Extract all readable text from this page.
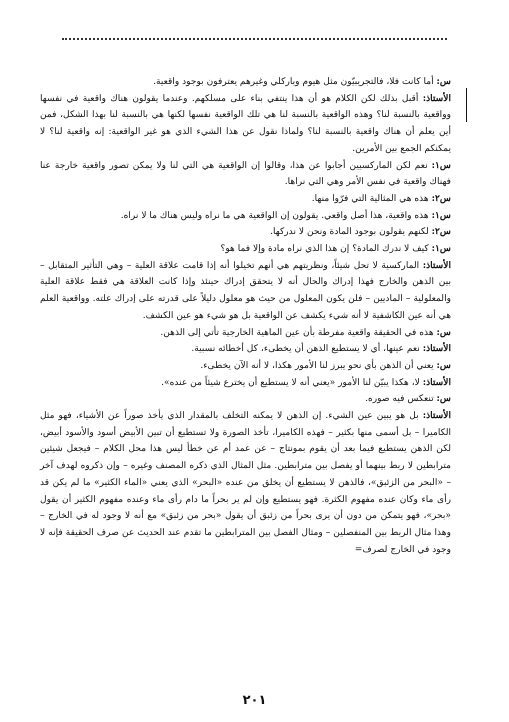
س: أما كانت فلا، فالتجريبيّون مثل هيوم وباركلي وغيرهم يعترفون بوجود واقعية.

الأستاذ: أقبل بذلك لكن الكلام هو أن هذا ينتفي بناء على مسلكهم. وعندما يقولون هناك واقعية في نفسها وواقعية بالنسبة لنا؟ وهذه الواقعية بالنسبة لنا هي تلك الواقعية نفسها لكنها هي بالنسبة لنا بهذا الشكل، فمن أين يعلم أن هناك واقعية بالنسبة لنا؟ ولماذا نقول عن هذا الشيء الذي هو غير الواقعية: إنه واقعية لنا؟ لا يمكنكم الجمع بين الأمرين.

س١: نعم لكن الماركسيين أجابوا عن هذا، وقالوا إن الواقعية هي التي لنا ولا يمكن تصور واقعية خارجة عنا فهناك واقعية في نفس الأمر وهي التي نراها.

س٢: هذه هي المثالية التي فرّوا منها.

س١: هذه واقعية، هذا أصل واقعي. يقولون إن الواقعية هي ما نراه وليس هناك ما لا نراه.

س٢: لكنهم يقولون بوجود المادة ونحن لا ندركها.

س١: كيف لا ندرك المادة؟ إن هذا الذي نراه مادة وإلا فما هو؟

الأستاذ: الماركسية لا تحل شيئاً، ونظريتهم هي أنهم تخيلوا أنه إذا قامت علاقة العلية – وهي التأثير المتقابل – بين الذهن والخارج فهذا إدراك والحال أنه لا يتحقق إدراك حينئذ وإذا كانت العلاقة هي فقط علاقة العلية والمعلولية – الماديين – فلن يكون المعلول من حيث هو معلول دليلاً على قدرته على إدراك علته. وواقعية العلم هي أنه عين الكاشفية لا أنه شيء يكشف عن الواقعية بل هو شيء هو عين الكشف.

س: هذه في الحقيقة واقعية مفرطة بأن عين الماهية الخارجية تأتي إلى الذهن.

الأستاذ: نعم عينها، أي لا يستطيع الذهن أن يخطىء، كل أخطائه نسبية.

س: يعني أن الذهن بأي نحو يبرز لنا الأمور هكذا، لا أنه الآن يخطىء.

الأستاذ: لا، هكذا يبيّن لنا الأمور «يعني أنه لا يستطيع أن يخترع شيئاً من عنده».

س: تنعكس فيه صوره.

الأستاذ: بل هو يبين عين الشيء. إن الذهن لا يمكنه التخلف بالمقدار الذي يأخذ صوراً عن الأشياء، فهو مثل الكاميرا – بل أسمى منها بكثير – فهذه الكاميرا، تأخذ الصورة ولا تستطيع أن تبين الأبيض أسود والأسود أبيض، لكن الذهن يستطيع فيما بعد أن يقوم بمونتاج – عن عمد أم عن خطأ ليس هذا محل الكلام – فيجعل شيئين مترابطين لا ربط بينهما أو يفصل بين مترابطين. مثل المثال الذي ذكره المصنف وغيره – وإن ذكروه لهدف آخر – «البحر من الزئبق»، فالذهن لا يستطيع أن يخلق من عنده «البحر» الذي يعني «الماء الكثير» ما لم يكن قد رأى ماء وكان عنده مفهوم الكثرة. فهو يستطيع وإن لم ير بحراً ما دام رأى ماء وعنده مفهوم الكثير أن يقول «بحر»، فهو يتمكن من دون أن يرى بحراً من زئبق أن يقول «بحر من زئبق» مع أنه لا وجود له في الخارج – وهذا مثال الربط بين المنفصلين – ومثال الفصل بين المترابطين ما تقدم عند الحديث عن صرف الحقيقة فإنه لا وجود في الخارج لصرف=

٢٠١
